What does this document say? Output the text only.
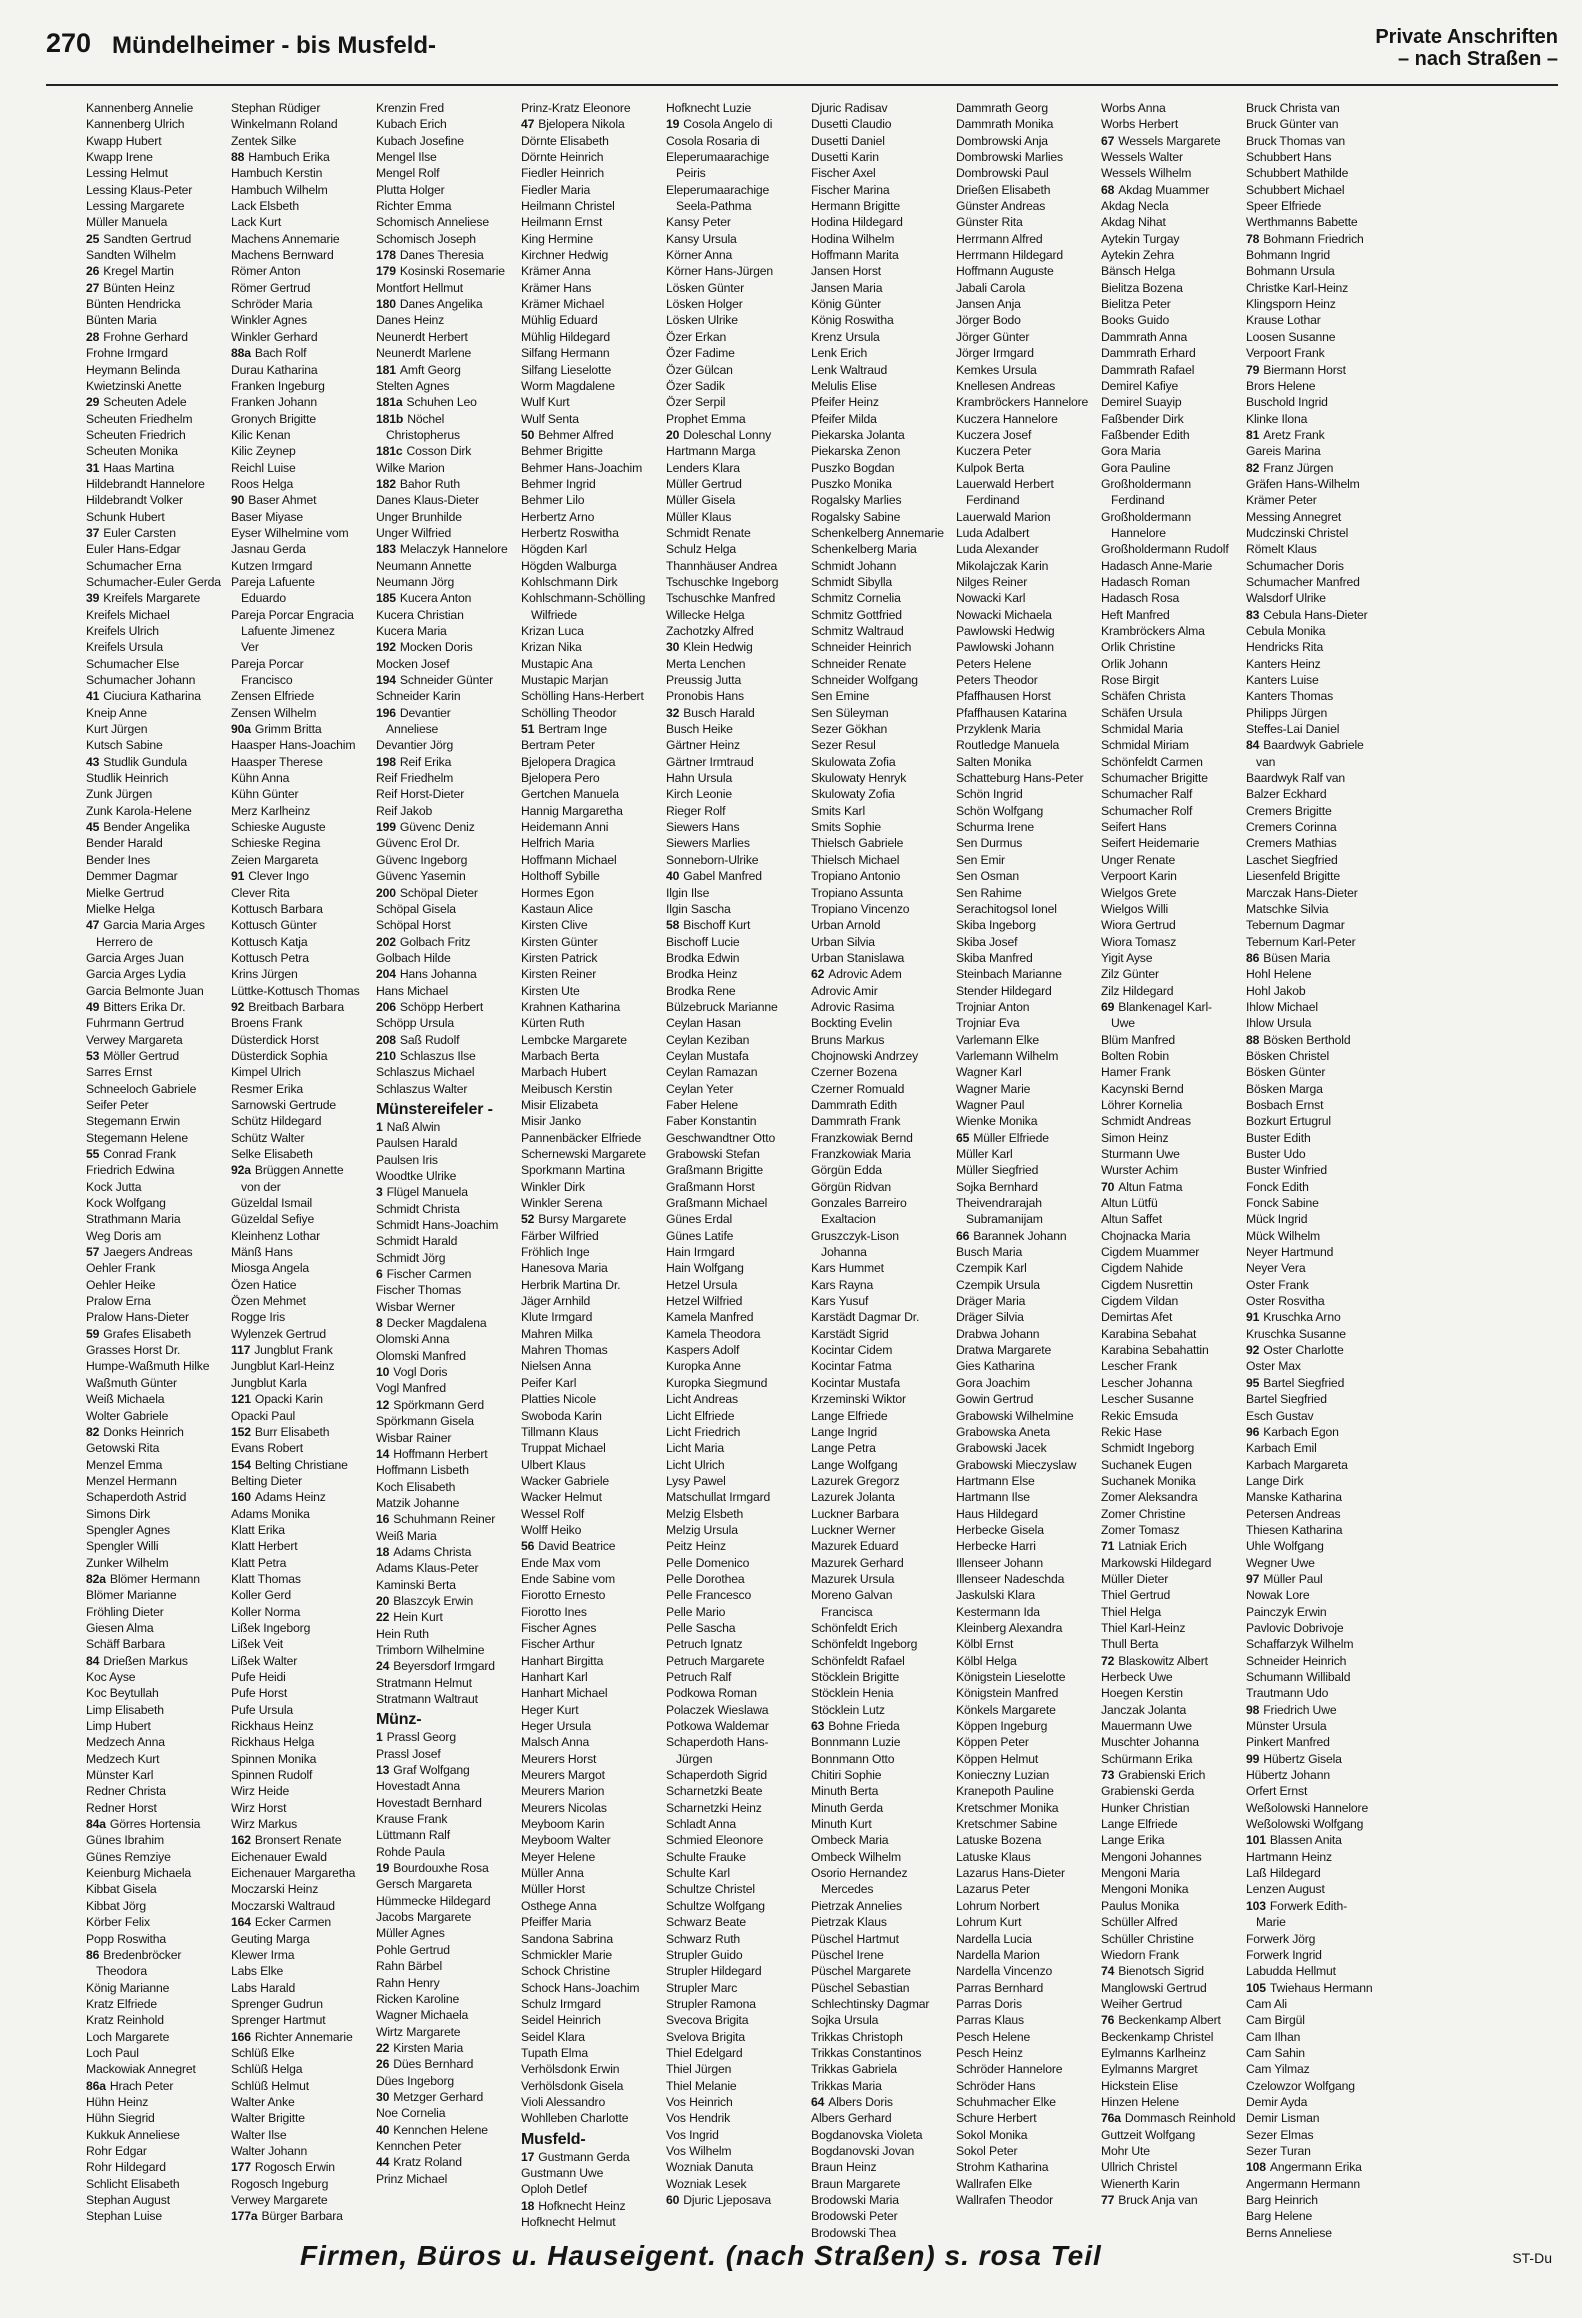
270 Mündelheimer - bis Musfeld-	Private Anschriften
– nach Straßen –
Kannenberg Annelie
Kannenberg Ulrich
Kwapp Hubert
Kwapp Irene
Lessing Helmut
Lessing Klaus-Peter
Lessing Margarete
Müller Manuela
25 Sandten Gertrud
Sandten Wilhelm
26 Kregel Martin
27 Bünten Heinz
Bünten Hendricka
Bünten Maria
28 Frohne Gerhard
Frohne Irmgard
Heymann Belinda
Kwietzinski Anette
29 Scheuten Adele
Scheuten Friedhelm
Scheuten Friedrich
Scheuten Monika
31 Haas Martina
Hildebrandt Hannelore
Hildebrandt Volker
Schunk Hubert
37 Euler Carsten
Euler Hans-Edgar
Schumacher Erna
Schumacher-Euler Gerda
39 Kreifels Margarete
Kreifels Michael
Kreifels Ulrich
Kreifels Ursula
Schumacher Else
Schumacher Johann
41 Ciuciura Katharina
Kneip Anne
Kurt Jürgen
Kutsch Sabine
43 Studlik Gundula
Studlik Heinrich
Zunk Jürgen
Zunk Karola-Helene
45 Bender Angelika
Bender Harald
Bender Ines
Demmer Dagmar
Mielke Gertrud
Mielke Helga
47 Garcia Maria Arges
Herrero de
Garcia Arges Juan
Garcia Arges Lydia
Garcia Belmonte Juan
49 Bitters Erika Dr.
Fuhrmann Gertrud
Verwey Margareta
53 Möller Gertrud
Sarres Ernst
Schneeloch Gabriele
Seifer Peter
Stegemann Erwin
Stegemann Helene
55 Conrad Frank
Friedrich Edwina
Kock Jutta
Kock Wolfgang
Strathmann Maria
Weg Doris am
57 Jaegers Andreas
Oehler Frank
Oehler Heike
Pralow Erna
Pralow Hans-Dieter
59 Grafes Elisabeth
Grasses Horst Dr.
Humpe-Waßmuth Hilke
Waßmuth Günter
Weiß Michaela
Wolter Gabriele
82 Donks Heinrich
Getowski Rita
Menzel Emma
Menzel Hermann
Schaperdoth Astrid
Simons Dirk
Spengler Agnes
Spengler Willi
Zunker Wilhelm
82a Blömer Hermann
Blömer Marianne
Fröhling Dieter
Giesen Alma
Schäff Barbara
84 Drießen Markus
Koc Ayse
Koc Beytullah
Limp Elisabeth
Limp Hubert
Medzech Anna
Medzech Kurt
Münster Karl
Redner Christa
Redner Horst
84a Görres Hortensia
Günes Ibrahim
Günes Remziye
Keienburg Michaela
Kibbat Gisela
Kibbat Jörg
Körber Felix
Popp Roswitha
86 Bredenbröcker
Theodora
König Marianne
Kratz Elfriede
Kratz Reinhold
Loch Margarete
Loch Paul
Mackowiak Annegret
86a Hrach Peter
Hühn Heinz
Hühn Siegrid
Kukkuk Anneliese
Rohr Edgar
Rohr Hildegard
Schlicht Elisabeth
Stephan August
Stephan Luise
Stephan Rüdiger
Winkelmann Roland
Zentek Silke
88 Hambuch Erika
Hambuch Kerstin
Hambuch Wilhelm
Lack Elsbeth
Lack Kurt
Machens Annemarie
Machens Bernward
Römer Anton
Römer Gertrud
Schröder Maria
Winkler Agnes
Winkler Gerhard
88a Bach Rolf
Durau Katharina
Franken Ingeburg
Franken Johann
Gronych Brigitte
Kilic Kenan
Kilic Zeynep
Reichl Luise
Roos Helga
90 Baser Ahmet
Baser Miyase
Eyser Wilhelmine vom
Jasnau Gerda
Kutzen Irmgard
Pareja Lafuente
Eduardo
Pareja Porcar Engracia
Lafuente Jimenez
Ver
Pareja Porcar
Francisco
Zensen Elfriede
Zensen Wilhelm
90a Grimm Britta
Haasper Hans-Joachim
Haasper Therese
Kühn Anna
Kühn Günter
Merz Karlheinz
Schieske Auguste
Schieske Regina
Zeien Margareta
91 Clever Ingo
Clever Rita
Kottusch Barbara
Kottusch Günter
Kottusch Katja
Kottusch Petra
Krins Jürgen
Lüttke-Kottusch Thomas
92 Breitbach Barbara
Broens Frank
Düsterdick Horst
Düsterdick Sophia
Kimpel Ulrich
Resmer Erika
Sarnowski Gertrude
Schütz Hildegard
Schütz Walter
Selke Elisabeth
92a Brüggen Annette
von der
Güzeldal Ismail
Güzeldal Sefiye
Kleinhenz Lothar
Mänß Hans
Miosga Angela
Özen Hatice
Özen Mehmet
Rogge Iris
Wylenzek Gertrud
117 Jungblut Frank
Jungblut Karl-Heinz
Jungblut Karla
121 Opacki Karin
Opacki Paul
152 Burr Elisabeth
Evans Robert
154 Belting Christiane
Belting Dieter
160 Adams Heinz
Adams Monika
Klatt Erika
Klatt Herbert
Klatt Petra
Klatt Thomas
Koller Gerd
Koller Norma
Lißek Ingeborg
Lißek Veit
Lißek Walter
Pufe Heidi
Pufe Horst
Pufe Ursula
Rickhaus Heinz
Rickhaus Helga
Spinnen Monika
Spinnen Rudolf
Wirz Heide
Wirz Horst
Wirz Markus
162 Bronsert Renate
Eichenauer Ewald
Eichenauer Margaretha
Moczarski Heinz
Moczarski Waltraud
164 Ecker Carmen
Geuting Marga
Klewer Irma
Labs Elke
Labs Harald
Sprenger Gudrun
Sprenger Hartmut
166 Richter Annemarie
Schlüß Elke
Schlüß Helga
Schlüß Helmut
Walter Anke
Walter Brigitte
Walter Ilse
Walter Johann
177 Rogosch Erwin
Rogosch Ingeburg
Verwey Margarete
177a Bürger Barbara
Krenzin Fred
Kubach Erich
Kubach Josefine
Mengel Ilse
Mengel Rolf
Plutta Holger
Richter Emma
Schomisch Anneliese
Schomisch Joseph
178 Danes Theresia
179 Kosinski Rosemarie
Montfort Hellmut
180 Danes Angelika
Danes Heinz
Neunerdt Herbert
Neunerdt Marlene
181 Amft Georg
Stelten Agnes
181a Schuhen Leo
181b Nöchel
Christopherus
181c Cosson Dirk
Wilke Marion
182 Bahor Ruth
Danes Klaus-Dieter
Unger Brunhilde
Unger Wilfried
183 Melaczyk Hannelore
Neumann Annette
Neumann Jörg
185 Kucera Anton
Kucera Christian
Kucera Maria
192 Mocken Doris
Mocken Josef
194 Schneider Günter
Schneider Karin
196 Devantier
Anneliese
Devantier Jörg
198 Reif Erika
Reif Friedhelm
Reif Horst-Dieter
Reif Jakob
199 Güvenc Deniz
Güvenc Erol Dr.
Güvenc Ingeborg
Güvenc Yasemin
200 Schöpal Dieter
Schöpal Gisela
Schöpal Horst
202 Golbach Fritz
Golbach Hilde
204 Hans Johanna
Hans Michael
206 Schöpp Herbert
Schöpp Ursula
208 Saß Rudolf
210 Schlaszus Ilse
Schlaszus Michael
Schlaszus Walter
Münstereifeler -
1 Naß Alwin
Paulsen Harald
Paulsen Iris
Woodtke Ulrike
3 Flügel Manuela
Schmidt Christa
Schmidt Hans-Joachim
Schmidt Harald
Schmidt Jörg
6 Fischer Carmen
Fischer Thomas
Wisbar Werner
8 Decker Magdalena
Olomski Anna
Olomski Manfred
10 Vogl Doris
Vogl Manfred
12 Spörkmann Gerd
Spörkmann Gisela
Wisbar Rainer
14 Hoffmann Herbert
Hoffmann Lisbeth
Koch Elisabeth
Matzik Johanne
16 Schuhmann Reiner
Weiß Maria
18 Adams Christa
Adams Klaus-Peter
Kaminski Berta
20 Blaszcyk Erwin
22 Hein Kurt
Hein Ruth
Trimborn Wilhelmine
24 Beyersdorf Irmgard
Stratmann Helmut
Stratmann Waltraut
Münz-
1 Prassl Georg
Prassl Josef
13 Graf Wolfgang
Hovestadt Anna
Hovestadt Bernhard
Krause Frank
Lüttmann Ralf
Rohde Paula
19 Bourdouxhe Rosa
Gersch Margareta
Hümmecke Hildegard
Jacobs Margarete
Müller Agnes
Pohle Gertrud
Rahn Bärbel
Rahn Henry
Ricken Karoline
Wagner Michaela
Wirtz Margarete
22 Kirsten Maria
26 Dües Bernhard
Dües Ingeborg
30 Metzger Gerhard
Noe Cornelia
40 Kennchen Helene
Kennchen Peter
44 Kratz Roland
Prinz Michael
Prinz-Kratz Eleonore
47 Bjelopera Nikola
Dörnte Elisabeth
Dörnte Heinrich
Fiedler Heinrich
Fiedler Maria
Heilmann Christel
Heilmann Ernst
King Hermine
Kirchner Hedwig
Krämer Anna
Krämer Hans
Krämer Michael
Mühlig Eduard
Mühlig Hildegard
Silfang Hermann
Silfang Lieselotte
Worm Magdalene
Wulf Kurt
Wulf Senta
50 Behmer Alfred
Behmer Brigitte
Behmer Hans-Joachim
Behmer Ingrid
Behmer Lilo
Herbertz Arno
Herbertz Roswitha
Högden Karl
Högden Walburga
Kohlschmann Dirk
Kohlschmann-Schölling
Wilfriede
Krizan Luca
Krizan Nika
Mustapic Ana
Mustapic Marjan
Schölling Hans-Herbert
Schölling Theodor
51 Bertram Inge
Bertram Peter
Bjelopera Dragica
Bjelopera Pero
Gertchen Manuela
Hannig Margaretha
Heidemann Anni
Helfrich Maria
Hoffmann Michael
Holthoff Sybille
Hormes Egon
Kastaun Alice
Kirsten Clive
Kirsten Günter
Kirsten Patrick
Kirsten Reiner
Kirsten Ute
Krahnen Katharina
Kürten Ruth
Lembcke Margarete
Marbach Berta
Marbach Hubert
Meibusch Kerstin
Misir Elizabeta
Misir Janko
Pannenbäcker Elfriede
Schernewski Margarete
Sporkmann Martina
Winkler Dirk
Winkler Serena
52 Bursy Margarete
Färber Wilfried
Fröhlich Inge
Hanesova Maria
Herbrik Martina Dr.
Jäger Arnhild
Klute Irmgard
Mahren Milka
Mahren Thomas
Nielsen Anna
Peifer Karl
Platties Nicole
Swoboda Karin
Tillmann Klaus
Truppat Michael
Ulbert Klaus
Wacker Gabriele
Wacker Helmut
Wessel Rolf
Wolff Heiko
56 David Beatrice
Ende Max vom
Ende Sabine vom
Fiorotto Ernesto
Fiorotto Ines
Fischer Agnes
Fischer Arthur
Hanhart Birgitta
Hanhart Karl
Hanhart Michael
Heger Kurt
Heger Ursula
Malsch Anna
Meurers Horst
Meurers Margot
Meurers Marion
Meurers Nicolas
Meyboom Karin
Meyboom Walter
Meyer Helene
Müller Anna
Müller Horst
Osthege Anna
Pfeiffer Maria
Sandona Sabrina
Schmickler Marie
Schock Christine
Schock Hans-Joachim
Schulz Irmgard
Seidel Heinrich
Seidel Klara
Tupath Elma
Verhölsdonk Erwin
Verhölsdonk Gisela
Violi Alessandro
Wohlleben Charlotte
Musfeld-
17 Gustmann Gerda
Gustmann Uwe
Oploh Detlef
18 Hofknecht Heinz
Hofknecht Helmut
Hofknecht Luzie
19 Cosola Angelo di
Cosola Rosaria di
Eleperumaarachige
Peiris
Eleperumaarachige
Seela-Pathma
Kansy Peter
Kansy Ursula
Körner Anna
Körner Hans-Jürgen
Lösken Günter
Lösken Holger
Lösken Ulrike
Özer Erkan
Özer Fadime
Özer Gülcan
Özer Sadik
Özer Serpil
Prophet Emma
20 Doleschal Lonny
Hartmann Marga
Lenders Klara
Müller Gertrud
Müller Gisela
Müller Klaus
Schmidt Renate
Schulz Helga
Thannhäuser Andrea
Tschuschke Ingeborg
Tschuschke Manfred
Willecke Helga
Zachotzky Alfred
30 Klein Hedwig
Merta Lenchen
Preussig Jutta
Pronobis Hans
32 Busch Harald
Busch Heike
Gärtner Heinz
Gärtner Irmtraud
Hahn Ursula
Kirch Leonie
Rieger Rolf
Siewers Hans
Siewers Marlies
Sonneborn-Ulrike
40 Gabel Manfred
Ilgin Ilse
Ilgin Sascha
58 Bischoff Kurt
Bischoff Lucie
Brodka Edwin
Brodka Heinz
Brodka Rene
Bülzebruck Marianne
Ceylan Hasan
Ceylan Keziban
Ceylan Mustafa
Ceylan Ramazan
Ceylan Yeter
Faber Helene
Faber Konstantin
Geschwandtner Otto
Grabowski Stefan
Graßmann Brigitte
Graßmann Horst
Graßmann Michael
Günes Erdal
Günes Latife
Hain Irmgard
Hain Wolfgang
Hetzel Ursula
Hetzel Wilfried
Kamela Manfred
Kamela Theodora
Kaspers Adolf
Kuropka Anne
Kuropka Siegmund
Licht Andreas
Licht Elfriede
Licht Friedrich
Licht Maria
Licht Ulrich
Lysy Pawel
Matschullat Irmgard
Melzig Elsbeth
Melzig Ursula
Peitz Heinz
Pelle Domenico
Pelle Dorothea
Pelle Francesco
Pelle Mario
Pelle Sascha
Petruch Ignatz
Petruch Margarete
Petruch Ralf
Podkowa Roman
Polaczek Wieslawa
Potkowa Waldemar
Schaperdoth Hans-
Jürgen
Schaperdoth Sigrid
Scharnetzki Beate
Scharnetzki Heinz
Schladt Anna
Schmied Eleonore
Schulte Frauke
Schulte Karl
Schultze Christel
Schultze Wolfgang
Schwarz Beate
Schwarz Ruth
Strupler Guido
Strupler Hildegard
Strupler Marc
Strupler Ramona
Svecova Brigita
Svelova Brigita
Thiel Edelgard
Thiel Jürgen
Thiel Melanie
Vos Heinrich
Vos Hendrik
Vos Ingrid
Vos Wilhelm
Wozniak Danuta
Wozniak Lesek
60 Djuric Ljeposava
Djuric Radisav
Dusetti Claudio
Dusetti Daniel
Dusetti Karin
Fischer Axel
Fischer Marina
Hermann Brigitte
Hodina Hildegard
Hodina Wilhelm
Hoffmann Marita
Jansen Horst
Jansen Maria
König Günter
König Roswitha
Krenz Ursula
Lenk Erich
Lenk Waltraud
Melulis Elise
Pfeifer Heinz
Pfeifer Milda
Piekarska Jolanta
Piekarska Zenon
Puszko Bogdan
Puszko Monika
Rogalsky Marlies
Rogalsky Sabine
Schenkelberg Annemarie
Schenkelberg Maria
Schmidt Johann
Schmidt Sibylla
Schmitz Cornelia
Schmitz Gottfried
Schmitz Waltraud
Schneider Heinrich
Schneider Renate
Schneider Wolfgang
Sen Emine
Sen Süleyman
Sezer Gökhan
Sezer Resul
Skulowata Zofia
Skulowaty Henryk
Skulowaty Zofia
Smits Karl
Smits Sophie
Thielsch Gabriele
Thielsch Michael
Tropiano Antonio
Tropiano Assunta
Tropiano Vincenzo
Urban Arnold
Urban Silvia
Urban Stanislawa
62 Adrovic Adem
Adrovic Amir
Adrovic Rasima
Bockting Evelin
Bruns Markus
Chojnowski Andrzey
Czerner Bozena
Czerner Romuald
Dammrath Edith
Dammrath Frank
Franzkowiak Bernd
Franzkowiak Maria
Görgün Edda
Görgün Ridvan
Gonzales Barreiro
Exaltacion
Gruszczyk-Lison
Johanna
Kars Hummet
Kars Rayna
Kars Yusuf
Karstädt Dagmar Dr.
Karstädt Sigrid
Kocintar Cidem
Kocintar Fatma
Kocintar Mustafa
Krzeminski Wiktor
Lange Elfriede
Lange Ingrid
Lange Petra
Lange Wolfgang
Lazurek Gregorz
Lazurek Jolanta
Luckner Barbara
Luckner Werner
Mazurek Eduard
Mazurek Gerhard
Mazurek Ursula
Moreno Galvan
Francisca
Schönfeldt Erich
Schönfeldt Ingeborg
Schönfeldt Rafael
Stöcklein Brigitte
Stöcklein Henia
Stöcklein Lutz
63 Bohne Frieda
Bonnmann Luzie
Bonnmann Otto
Chitiri Sophie
Minuth Berta
Minuth Gerda
Minuth Kurt
Ombeck Maria
Ombeck Wilhelm
Osorio Hernandez
Mercedes
Pietrzak Annelies
Pietrzak Klaus
Püschel Hartmut
Püschel Irene
Püschel Margarete
Püschel Sebastian
Schlechtinsky Dagmar
Sojka Ursula
Trikkas Christoph
Trikkas Constantinos
Trikkas Gabriela
Trikkas Maria
64 Albers Doris
Albers Gerhard
Bogdanovska Violeta
Bogdanovski Jovan
Braun Heinz
Braun Margarete
Brodowski Maria
Brodowski Peter
Brodowski Thea
Dammrath Georg
Dammrath Monika
Dombrowski Anja
Dombrowski Marlies
Dombrowski Paul
Drießen Elisabeth
Günster Andreas
Günster Rita
Herrmann Alfred
Herrmann Hildegard
Hoffmann Auguste
Jabali Carola
Jansen Anja
Jörger Bodo
Jörger Günter
Jörger Irmgard
Kemkes Ursula
Knellesen Andreas
Krambröckers Hannelore
Kuczera Hannelore
Kuczera Josef
Kuczera Peter
Kulpok Berta
Lauerwald Herbert
Ferdinand
Lauerwald Marion
Luda Adalbert
Luda Alexander
Mikolajczak Karin
Nilges Reiner
Nowacki Karl
Nowacki Michaela
Pawlowski Hedwig
Pawlowski Johann
Peters Helene
Peters Theodor
Pfaffhausen Horst
Pfaffhausen Katarina
Przyklenk Maria
Routledge Manuela
Salten Monika
Schatteburg Hans-Peter
Schön Ingrid
Schön Wolfgang
Schurma Irene
Sen Durmus
Sen Emir
Sen Osman
Sen Rahime
Serachitogsol Ionel
Skiba Ingeborg
Skiba Josef
Skiba Manfred
Steinbach Marianne
Stender Hildegard
Trojniar Anton
Trojniar Eva
Varlemann Elke
Varlemann Wilhelm
Wagner Karl
Wagner Marie
Wagner Paul
Wienke Monika
65 Müller Elfriede
Müller Karl
Müller Siegfried
Sojka Bernhard
Theivendrarajah
Subramanijam
66 Barannek Johann
Busch Maria
Czempik Karl
Czempik Ursula
Dräger Maria
Dräger Silvia
Drabwa Johann
Dratwa Margarete
Gies Katharina
Gora Joachim
Gowin Gertrud
Grabowski Wilhelmine
Grabowska Aneta
Grabowski Jacek
Grabowski Mieczyslaw
Hartmann Else
Hartmann Ilse
Haus Hildegard
Herbecke Gisela
Herbecke Harri
Illenseer Johann
Illenseer Nadeschda
Jaskulski Klara
Kestermann Ida
Kleinberg Alexandra
Kölbl Ernst
Kölbl Helga
Königstein Lieselotte
Königstein Manfred
Könkels Margarete
Köppen Ingeburg
Köppen Peter
Köppen Helmut
Konieczny Luzian
Kranepoth Pauline
Kretschmer Monika
Kretschmer Sabine
Latuske Bozena
Latuske Klaus
Lazarus Hans-Dieter
Lazarus Peter
Lohrum Norbert
Lohrum Kurt
Nardella Lucia
Nardella Marion
Nardella Vincenzo
Parras Bernhard
Parras Doris
Parras Klaus
Pesch Helene
Pesch Heinz
Schröder Hannelore
Schröder Hans
Schuhmacher Elke
Schure Herbert
Sokol Monika
Sokol Peter
Strohm Katharina
Wallrafen Elke
Wallrafen Theodor
Worbs Anna
Worbs Herbert
67 Wessels Margarete
Wessels Walter
Wessels Wilhelm
68 Akdag Muammer
Akdag Necla
Akdag Nihat
Aytekin Turgay
Aytekin Zehra
Bänsch Helga
Bielitza Bozena
Bielitza Peter
Books Guido
Dammrath Anna
Dammrath Erhard
Dammrath Rafael
Demirel Kafiye
Demirel Suayip
Faßbender Dirk
Faßbender Edith
Gora Maria
Gora Pauline
Großholdermann
Ferdinand
Großholdermann
Hannelore
Großholdermann Rudolf
Hadasch Anne-Marie
Hadasch Roman
Hadasch Rosa
Heft Manfred
Krambröckers Alma
Orlik Christine
Orlik Johann
Rose Birgit
Schäfen Christa
Schäfen Ursula
Schmidal Maria
Schmidal Miriam
Schönfeldt Carmen
Schumacher Brigitte
Schumacher Ralf
Schumacher Rolf
Seifert Hans
Seifert Heidemarie
Unger Renate
Verpoort Karin
Wielgos Grete
Wielgos Willi
Wiora Gertrud
Wiora Tomasz
Yigit Ayse
Zilz Günter
Zilz Hildegard
69 Blankenagel Karl-
Uwe
Blüm Manfred
Bolten Robin
Hamer Frank
Kacynski Bernd
Löhrer Kornelia
Schmidt Andreas
Simon Heinz
Sturmann Uwe
Wurster Achim
70 Altun Fatma
Altun Lütfü
Altun Saffet
Chojnacka Maria
Cigdem Muammer
Cigdem Nahide
Cigdem Nusrettin
Cigdem Vildan
Demirtas Afet
Karabina Sebahat
Karabina Sebahattin
Lescher Frank
Lescher Johanna
Lescher Susanne
Rekic Emsuda
Rekic Hase
Schmidt Ingeborg
Suchanek Eugen
Suchanek Monika
Zomer Aleksandra
Zomer Christine
Zomer Tomasz
71 Latniak Erich
Markowski Hildegard
Müller Dieter
Thiel Gertrud
Thiel Helga
Thiel Karl-Heinz
Thull Berta
72 Blaskowitz Albert
Herbeck Uwe
Hoegen Kerstin
Janczak Jolanta
Mauermann Uwe
Muschter Johanna
Schürmann Erika
73 Grabienski Erich
Grabienski Gerda
Hunker Christian
Lange Elfriede
Lange Erika
Mengoni Johannes
Mengoni Maria
Mengoni Monika
Paulus Monika
Schüller Alfred
Schüller Christine
Wiedorn Frank
74 Bienotsch Sigrid
Manglowski Gertrud
Weiher Gertrud
76 Beckenkamp Albert
Beckenkamp Christel
Eylmanns Karlheinz
Eylmanns Margret
Hickstein Elise
Hinzen Helene
76a Dommasch Reinhold
Guttzeit Wolfgang
Mohr Ute
Ullrich Christel
Wienerth Karin
77 Bruck Anja van
Bruck Christa van
Bruck Günter van
Bruck Thomas van
Schubbert Hans
Schubbert Mathilde
Schubbert Michael
Speer Elfriede
Werthmanns Babette
78 Bohmann Friedrich
Bohmann Ingrid
Bohmann Ursula
Christke Karl-Heinz
Klingsporn Heinz
Krause Lothar
Loosen Susanne
Verpoort Frank
79 Biermann Horst
Brors Helene
Buschold Ingrid
Klinke Ilona
81 Aretz Frank
Gareis Marina
82 Franz Jürgen
Gräfen Hans-Wilhelm
Krämer Peter
Messing Annegret
Mudczinski Christel
Römelt Klaus
Schumacher Doris
Schumacher Manfred
Walsdorf Ulrike
83 Cebula Hans-Dieter
Cebula Monika
Hendricks Rita
Kanters Heinz
Kanters Luise
Kanters Thomas
Philipps Jürgen
Steffes-Lai Daniel
84 Baardwyk Gabriele
van
Baardwyk Ralf van
Balzer Eckhard
Cremers Brigitte
Cremers Corinna
Cremers Mathias
Laschet Siegfried
Liesenfeld Brigitte
Marczak Hans-Dieter
Matschke Silvia
Tebernum Dagmar
Tebernum Karl-Peter
86 Büsen Maria
Hohl Helene
Hohl Jakob
Ihlow Michael
Ihlow Ursula
88 Bösken Berthold
Bösken Christel
Bösken Günter
Bösken Marga
Bosbach Ernst
Bozkurt Ertugrul
Buster Edith
Buster Udo
Buster Winfried
Fonck Edith
Fonck Sabine
Mück Ingrid
Mück Wilhelm
Neyer Hartmund
Neyer Vera
Oster Frank
Oster Rosvitha
91 Kruschka Arno
Kruschka Susanne
92 Oster Charlotte
Oster Max
95 Bartel Siegfried
Bartel Siegfried
Esch Gustav
96 Karbach Egon
Karbach Emil
Karbach Margareta
Lange Dirk
Manske Katharina
Petersen Andreas
Thiesen Katharina
Uhle Wolfgang
Wegner Uwe
97 Müller Paul
Nowak Lore
Painczyk Erwin
Pavlovic Dobrivoje
Schaffarzyk Wilhelm
Schneider Heinrich
Schumann Willibald
Trautmann Udo
98 Friedrich Uwe
Münster Ursula
Pinkert Manfred
99 Hübertz Gisela
Hübertz Johann
Orfert Ernst
Weßolowski Hannelore
Weßolowski Wolfgang
101 Blassen Anita
Hartmann Heinz
Laß Hildegard
Lenzen August
103 Forwerk Edith-
Marie
Forwerk Jörg
Forwerk Ingrid
Labudda Hellmut
105 Twiehaus Hermann
Cam Ali
Cam Birgül
Cam Ilhan
Cam Sahin
Cam Yilmaz
Czelowzor Wolfgang
Demir Ayda
Demir Lisman
Sezer Elmas
Sezer Turan
108 Angermann Erika
Angermann Hermann
Barg Heinrich
Barg Helene
Berns Anneliese
Firmen, Büros u. Hauseigent. (nach Straßen) s. rosa Teil	ST-Du
